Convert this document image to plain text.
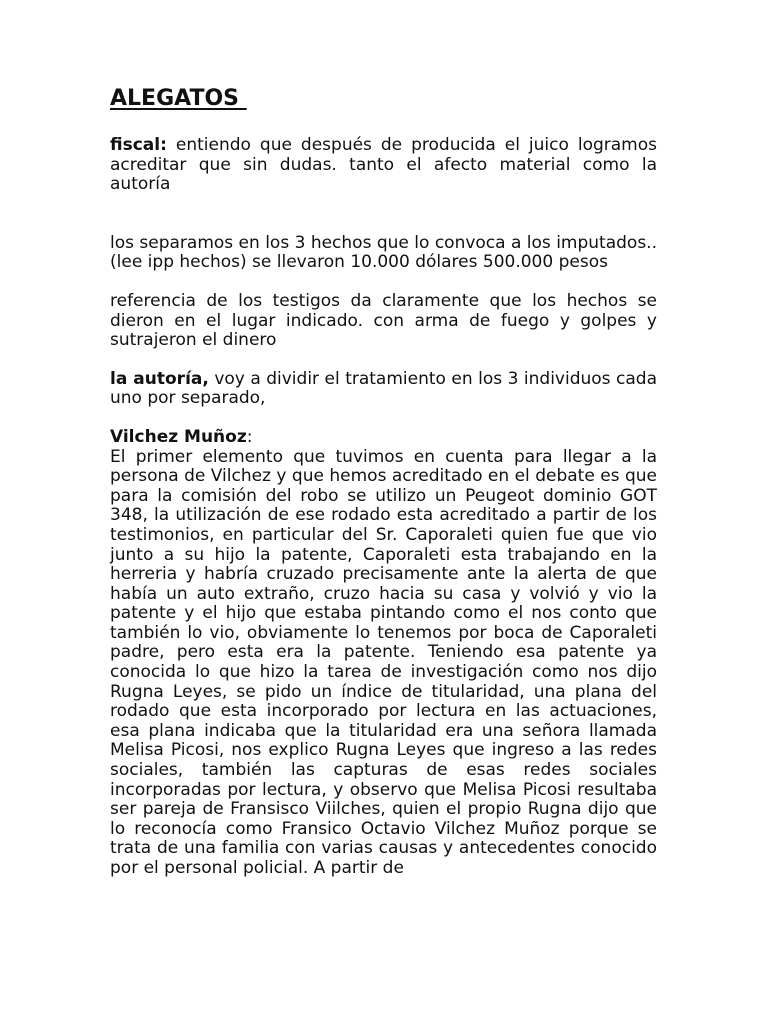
ALEGATOS

fiscal: entiendo que después de producida el juico logramos acreditar que sin dudas. tanto el afecto material como la autoría

los separamos en los 3 hechos que lo convoca a los imputados.. (lee ipp hechos) se llevaron 10.000 dólares 500.000 pesos

referencia de los testigos da claramente que los hechos se dieron en el lugar indicado. con arma de fuego y golpes y sutrajeron el dinero

la autoría, voy a dividir el tratamiento en los 3 individuos cada uno por separado,

Vilchez Muñoz:

El primer elemento que tuvimos en cuenta para llegar a la persona de Vilchez y que hemos acreditado en el debate es que para la comisión del robo se utilizo un Peugeot dominio GOT 348, la utilización de ese rodado esta acreditado a partir de los testimonios, en particular del Sr. Caporaleti quien fue que vio junto a su hijo la patente, Caporaleti esta trabajando en la herreria y habría cruzado precisamente ante la alerta de que había un auto extraño, cruzo hacia su casa y volvió y vio la patente y el hijo que estaba pintando como el nos conto que también lo vio, obviamente lo tenemos por boca de Caporaleti padre, pero esta era la patente. Teniendo esa patente ya conocida lo que hizo la tarea de investigación como nos dijo Rugna Leyes, se pido un índice de titularidad, una plana del rodado que esta incorporado por lectura en las actuaciones, esa plana indicaba que la titularidad era una señora llamada Melisa Picosi, nos explico Rugna Leyes que ingreso a las redes sociales, también las capturas de esas redes sociales incorporadas por lectura, y observo que Melisa Picosi resultaba ser pareja de Fransisco Viilches, quien el propio Rugna dijo que lo reconocía como Fransico Octavio Vilchez Muñoz porque se trata de una familia con varias causas y antecedentes conocido por el personal policial. A partir de
